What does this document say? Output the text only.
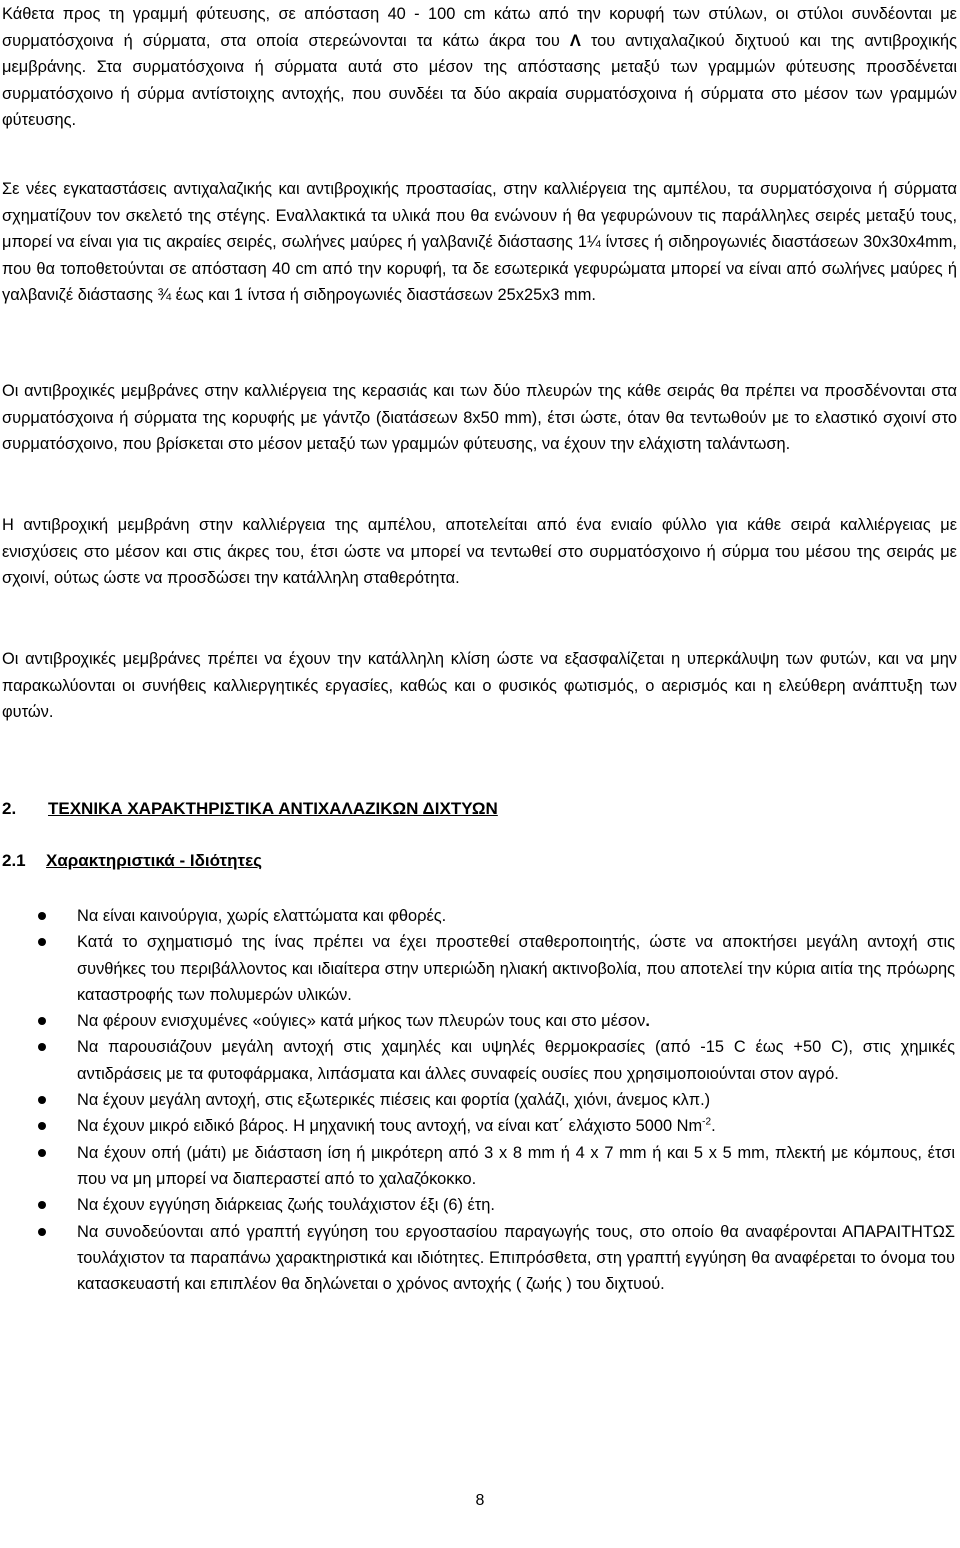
Κάθετα προς τη γραμμή φύτευσης, σε απόσταση 40 - 100 cm κάτω από την κορυφή των στύλων, οι στύλοι συνδέονται με συρματόσχοινα ή σύρματα, στα οποία στερεώνονται τα κάτω άκρα του Λ του αντιχαλαζικού διχτυού και της αντιβροχικής μεμβράνης. Στα συρματόσχοινα ή σύρματα αυτά στο μέσον της απόστασης μεταξύ των γραμμών φύτευσης προσδένεται συρματόσχοινο ή σύρμα αντίστοιχης αντοχής, που συνδέει τα δύο ακραία συρματόσχοινα ή σύρματα στο μέσον των γραμμών φύτευσης.

Σε νέες εγκαταστάσεις αντιχαλαζικής και αντιβροχικής προστασίας, στην καλλιέργεια της αμπέλου, τα συρματόσχοινα ή σύρματα σχηματίζουν τον σκελετό της στέγης. Εναλλακτικά τα υλικά που θα ενώνουν ή θα γεφυρώνουν τις παράλληλες σειρές μεταξύ τους, μπορεί να είναι για τις ακραίες σειρές, σωλήνες μαύρες ή γαλβανιζέ διάστασης 1¼ ίντσες ή σιδηρογωνιές διαστάσεων 30x30x4mm, που θα τοποθετούνται σε απόσταση 40 cm από την κορυφή, τα δε εσωτερικά γεφυρώματα μπορεί να είναι από σωλήνες μαύρες ή γαλβανιζέ διάστασης ¾ έως και 1 ίντσα ή σιδηρογωνιές διαστάσεων 25x25x3 mm.

Οι αντιβροχικές μεμβράνες στην καλλιέργεια της κερασιάς και των δύο πλευρών της κάθε σειράς θα πρέπει να προσδένονται στα συρματόσχοινα ή σύρματα της κορυφής με γάντζο (διατάσεων 8x50 mm), έτσι ώστε, όταν θα τεντωθούν με το ελαστικό σχοινί στο συρματόσχοινο, που βρίσκεται στο μέσον μεταξύ των γραμμών φύτευσης, να έχουν την ελάχιστη ταλάντωση.

Η αντιβροχική μεμβράνη στην καλλιέργεια της αμπέλου, αποτελείται από ένα ενιαίο φύλλο για κάθε σειρά καλλιέργειας με ενισχύσεις στο μέσον και στις άκρες του, έτσι ώστε να μπορεί να τεντωθεί στο συρματόσχοινο ή σύρμα του μέσου της σειράς με σχοινί, ούτως ώστε να προσδώσει την κατάλληλη σταθερότητα.

Οι αντιβροχικές μεμβράνες πρέπει να έχουν την κατάλληλη κλίση ώστε να εξασφαλίζεται η υπερκάλυψη των φυτών, και να μην παρακωλύονται οι συνήθεις καλλιεργητικές εργασίες, καθώς και ο φυσικός φωτισμός, ο αερισμός και η ελεύθερη ανάπτυξη των φυτών.

2. ΤΕΧΝΙΚΑ ΧΑΡΑΚΤΗΡΙΣΤΙΚΑ ΑΝΤΙΧΑΛΑΖΙΚΩΝ ΔΙΧΤΥΩΝ
2.1 Χαρακτηριστικά - Ιδιότητες
Να είναι καινούργια, χωρίς ελαττώματα και φθορές.
Κατά το σχηματισμό της ίνας πρέπει να έχει προστεθεί σταθεροποιητής, ώστε να αποκτήσει μεγάλη αντοχή στις συνθήκες του περιβάλλοντος και ιδιαίτερα στην υπεριώδη ηλιακή ακτινοβολία, που αποτελεί την κύρια αιτία της πρόωρης καταστροφής των πολυμερών υλικών.
Να φέρουν ενισχυμένες «ούγιες» κατά μήκος των πλευρών τους και στο μέσον.
Να παρουσιάζουν μεγάλη αντοχή στις χαμηλές και υψηλές θερμοκρασίες (από -15 C έως +50 C), στις χημικές αντιδράσεις με τα φυτοφάρμακα, λιπάσματα και άλλες συναφείς ουσίες που χρησιμοποιούνται στον αγρό.
Να έχουν μεγάλη αντοχή, στις εξωτερικές πιέσεις και φορτία (χαλάζι, χιόνι, άνεμος κλπ.)
Να έχουν μικρό ειδικό βάρος. Η μηχανική τους αντοχή, να είναι κατ΄ ελάχιστο 5000 $Nm^{-2}$.
Να έχουν οπή (μάτι) με διάσταση ίση ή μικρότερη από 3 x 8 mm ή 4 x 7 mm ή και 5 x 5 mm, πλεκτή με κόμπους, έτσι που να μη μπορεί να διαπεραστεί από το χαλαζόκοκκο.
Να έχουν εγγύηση διάρκειας ζωής τουλάχιστον έξι (6) έτη.
Να συνοδεύονται από γραπτή εγγύηση του εργοστασίου παραγωγής τους, στο οποίο θα αναφέρονται ΑΠΑΡΑΙΤΗΤΩΣ τουλάχιστον τα παραπάνω χαρακτηριστικά και ιδιότητες. Επιπρόσθετα, στη γραπτή εγγύηση θα αναφέρεται το όνομα του κατασκευαστή και επιπλέον θα δηλώνεται ο χρόνος αντοχής ( ζωής ) του διχτυού.
8
